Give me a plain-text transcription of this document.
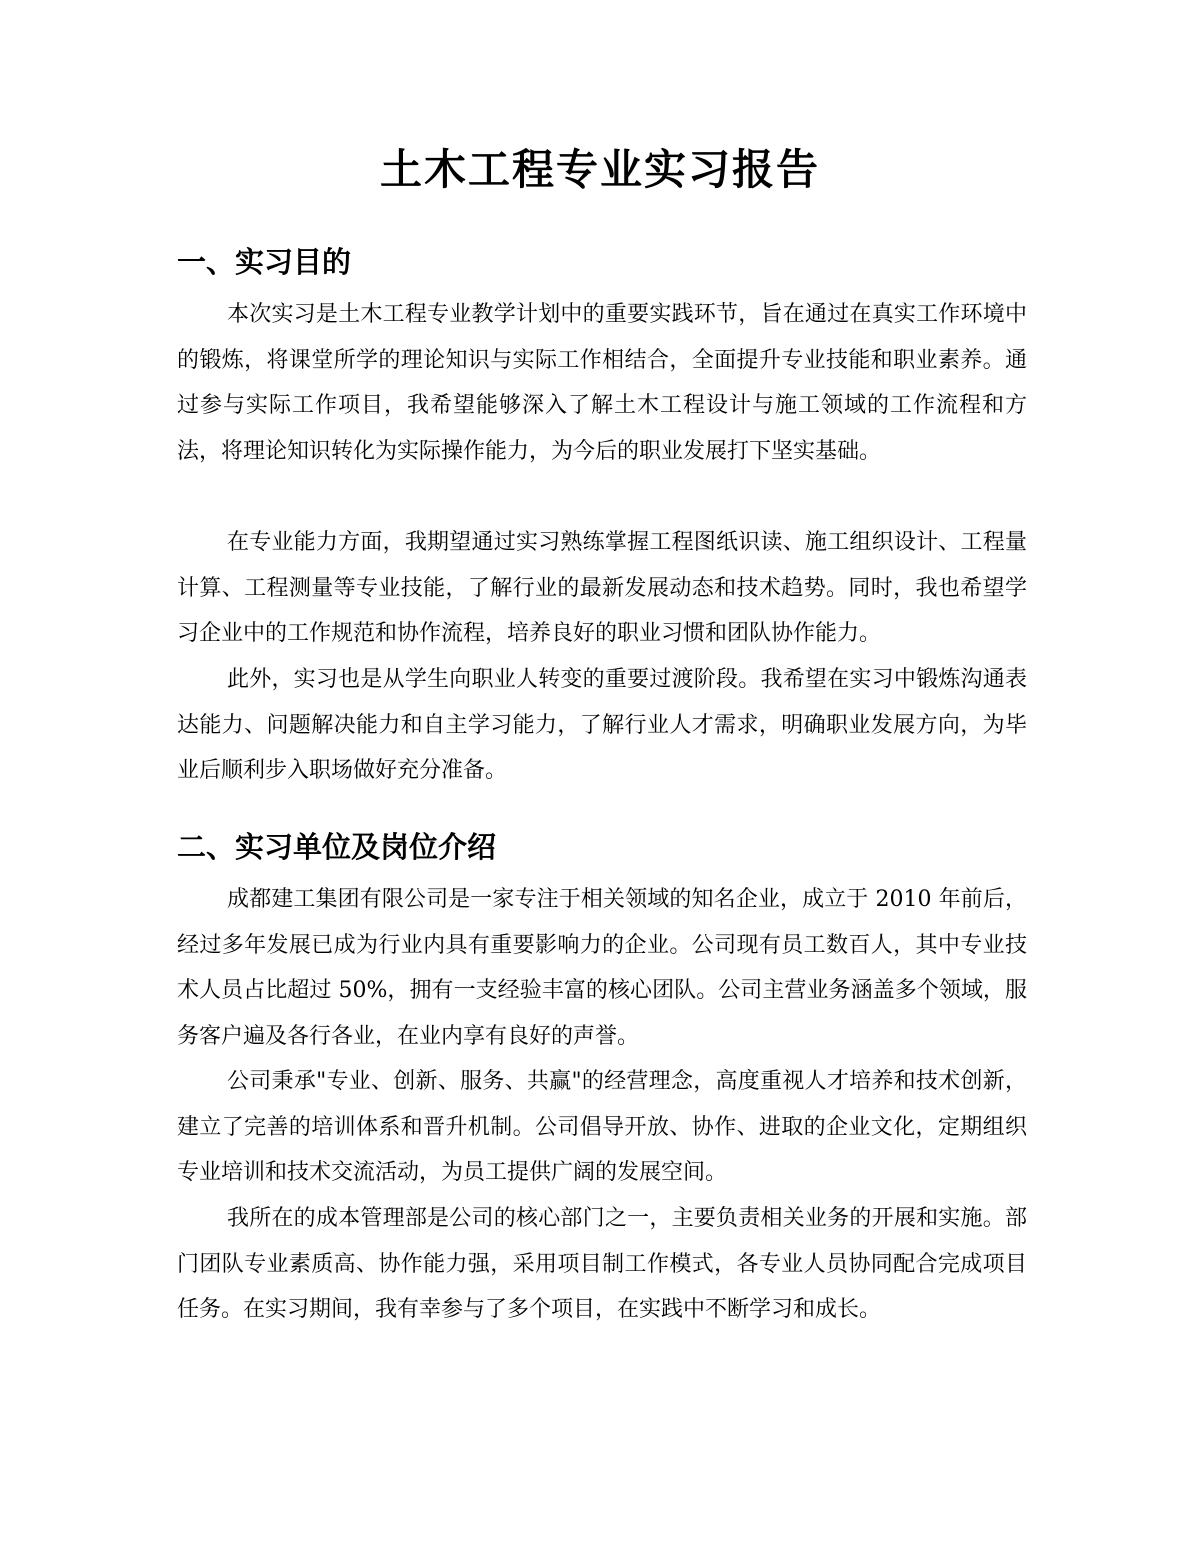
土木工程专业实习报告
一、实习目的

本次实习是土木工程专业教学计划中的重要实践环节，旨在通过在真实工作环境中的锻炼，将课堂所学的理论知识与实际工作相结合，全面提升专业技能和职业素养。通过参与实际工作项目，我希望能够深入了解土木工程设计与施工领域的工作流程和方法，将理论知识转化为实际操作能力，为今后的职业发展打下坚实基础。

在专业能力方面，我期望通过实习熟练掌握工程图纸识读、施工组织设计、工程量计算、工程测量等专业技能，了解行业的最新发展动态和技术趋势。同时，我也希望学习企业中的工作规范和协作流程，培养良好的职业习惯和团队协作能力。

此外，实习也是从学生向职业人转变的重要过渡阶段。我希望在实习中锻炼沟通表达能力、问题解决能力和自主学习能力，了解行业人才需求，明确职业发展方向，为毕业后顺利步入职场做好充分准备。

二、实习单位及岗位介绍

成都建工集团有限公司是一家专注于相关领域的知名企业，成立于 2010 年前后，经过多年发展已成为行业内具有重要影响力的企业。公司现有员工数百人，其中专业技术人员占比超过 50%，拥有一支经验丰富的核心团队。公司主营业务涵盖多个领域，服务客户遍及各行各业，在业内享有良好的声誉。

公司秉承"专业、创新、服务、共赢"的经营理念，高度重视人才培养和技术创新，建立了完善的培训体系和晋升机制。公司倡导开放、协作、进取的企业文化，定期组织专业培训和技术交流活动，为员工提供广阔的发展空间。

我所在的成本管理部是公司的核心部门之一，主要负责相关业务的开展和实施。部门团队专业素质高、协作能力强，采用项目制工作模式，各专业人员协同配合完成项目任务。在实习期间，我有幸参与了多个项目，在实践中不断学习和成长。
